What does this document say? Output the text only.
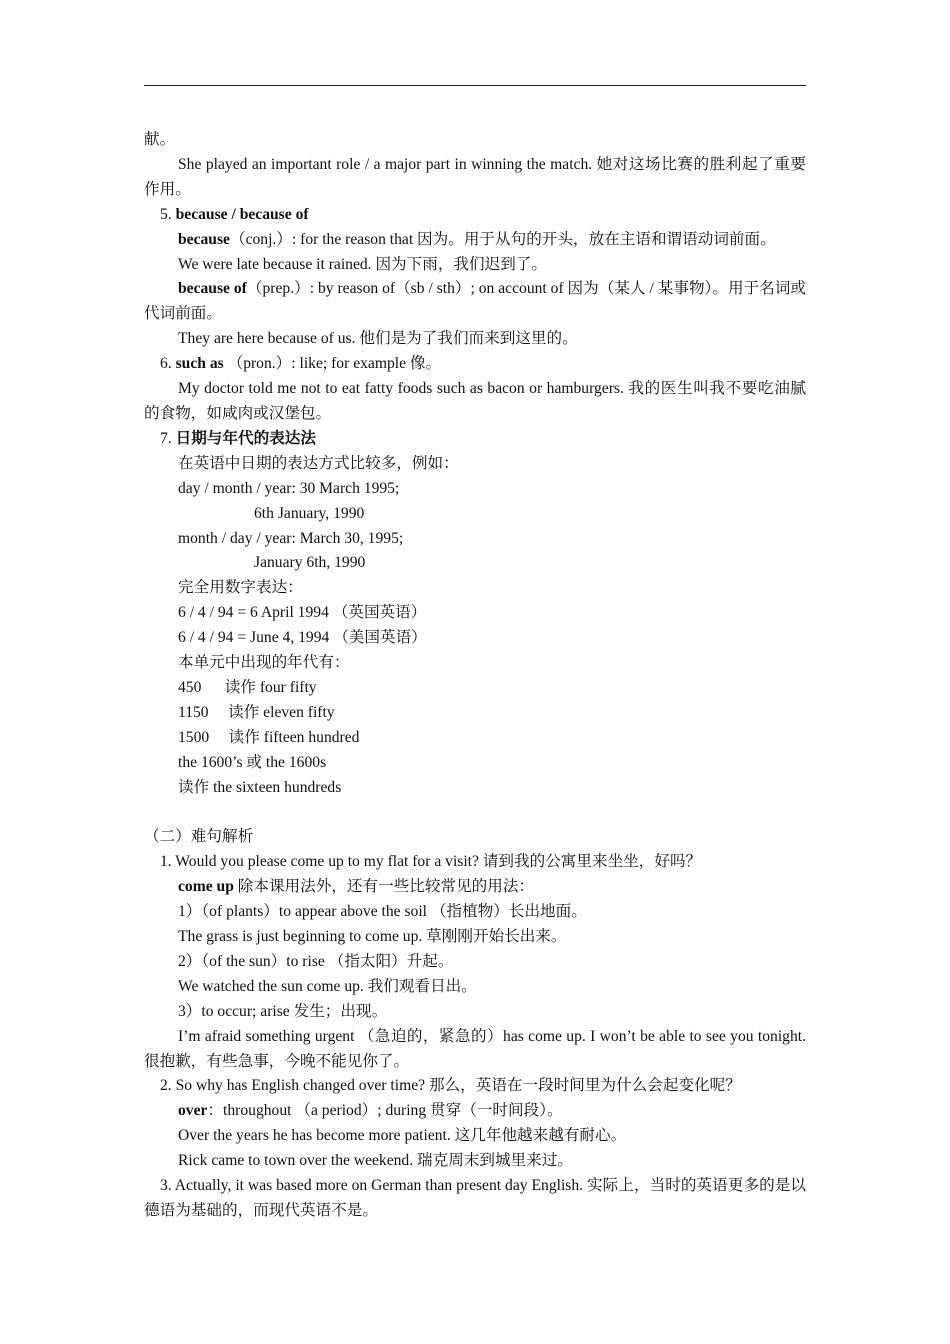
献。
She played an important role / a major part in winning the match. 她对这场比赛的胜利起了重要作用。
5. because / because of
because（conj.）: for the reason that 因为。用于从句的开头，放在主语和谓语动词前面。
We were late because it rained. 因为下雨，我们迟到了。
because of（prep.）: by reason of（sb / sth）; on account of 因为（某人 / 某事物）。用于名词或代词前面。
They are here because of us. 他们是为了我们而来到这里的。
6. such as （pron.）: like; for example 像。
My doctor told me not to eat fatty foods such as bacon or hamburgers. 我的医生叫我不要吃油腻的食物，如咸肉或汉堡包。
7. 日期与年代的表达法
在英语中日期的表达方式比较多，例如：
day / month / year: 30 March 1995;
6th January, 1990
month / day / year: March 30, 1995;
January 6th, 1990
完全用数字表达：
6 / 4 / 94 = 6 April 1994 （英国英语）
6 / 4 / 94 = June 4, 1994 （美国英语）
本单元中出现的年代有：
450      读作 four fifty
1150     读作 eleven fifty
1500     读作 fifteen hundred
the 1600’s 或 the 1600s
读作 the sixteen hundreds
（二）难句解析
1. Would you please come up to my flat for a visit? 请到我的公寓里来坐坐，好吗？
come up 除本课用法外，还有一些比较常见的用法：
1）（of plants）to appear above the soil （指植物）长出地面。
The grass is just beginning to come up. 草刚刚开始长出来。
2）（of the sun）to rise （指太阳）升起。
We watched the sun come up. 我们观看日出。
3）to occur; arise 发生；出现。
I’m afraid something urgent （急迫的，紧急的）has come up. I won’t be able to see you tonight. 很抱歉，有些急事，今晚不能见你了。
2. So why has English changed over time? 那么，英语在一段时间里为什么会起变化呢？
over：throughout （a period）; during 贯穿（一时间段）。
Over the years he has become more patient. 这几年他越来越有耐心。
Rick came to town over the weekend. 瑞克周末到城里来过。
3. Actually, it was based more on German than present day English. 实际上，当时的英语更多的是以德语为基础的，而现代英语不是。
